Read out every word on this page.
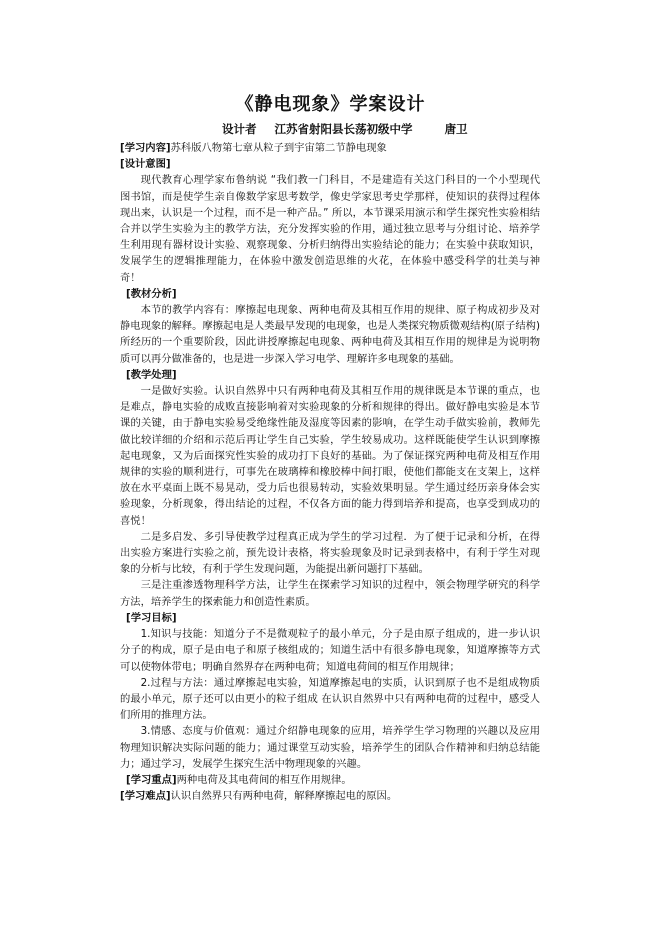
《静电现象》学案设计
设计者 江苏省射阳县长荡初级中学	唐卫

[学习内容]苏科版八物第七章从粒子到宇宙第二节静电现象

[设计意图]

现代教育心理学家布鲁纳说 “我们教一门科目，不是建造有关这门科目的一个小型现代图书馆，而是使学生亲自像数学家思考数学，像史学家思考史学那样，使知识的获得过程体现出来，认识是一个过程，而不是一种产品。” 所以，本节课采用演示和学生探究性实验相结合并以学生实验为主的教学方法，充分发挥实验的作用，通过独立思考与分组讨论、培养学生利用现有器材设计实验、观察现象、分析归纳得出实验结论的能力；在实验中获取知识，发展学生的逻辑推理能力，在体验中激发创造思维的火花，在体验中感受科学的壮美与神奇！

[教材分析]

本节的教学内容有：摩擦起电现象、两种电荷及其相互作用的规律、原子构成初步及对静电现象的解释。摩擦起电是人类最早发现的电现象，也是人类探究物质微观结构(原子结构)所经历的一个重要阶段，因此讲授摩擦起电现象、两种电荷及其相互作用的规律是为说明物质可以再分做准备的，也是进一步深入学习电学、理解许多电现象的基础。

[教学处理]

一是做好实验。认识自然界中只有两种电荷及其相互作用的规律既是本节课的重点，也是难点，静电实验的成败直接影响着对实验现象的分析和规律的得出。做好静电实验是本节课的关键，由于静电实验易受绝缘性能及湿度等因素的影响，在学生动手做实验前，教师先做比较详细的介绍和示范后再让学生自己实验，学生较易成功。这样既能使学生认识到摩擦起电现象，又为后面探究性实验的成功打下良好的基础。为了保证探究两种电荷及相互作用规律的实验的顺利进行，可事先在玻璃棒和橡胶棒中间打眼，使他们都能支在支架上，这样放在水平桌面上既不易晃动，受力后也很易转动，实验效果明显。学生通过经历亲身体会实验现象，分析现象，得出结论的过程，不仅各方面的能力得到培养和提高，也享受到成功的喜悦！

二是多启发、多引导使教学过程真正成为学生的学习过程．为了便于记录和分析，在得出实验方案进行实验之前，预先设计表格，将实验现象及时记录到表格中，有利于学生对现象的分析与比较，有利于学生发现问题，为能提出新问题打下基础。

三是注重渗透物理科学方法，让学生在探索学习知识的过程中，领会物理学研究的科学方法，培养学生的探索能力和创造性素质。

[学习目标]

1.知识与技能：知道分子不是微观粒子的最小单元，分子是由原子组成的，进一步认识分子的构成，原子是由电子和原子核组成的；知道生活中有很多静电现象，知道摩擦等方式可以使物体带电；明确自然界存在两种电荷；知道电荷间的相互作用规律；

2.过程与方法：通过摩擦起电实验，知道摩擦起电的实质，认识到原子也不是组成物质的最小单元，原子还可以由更小的粒子组成 在认识自然界中只有两种电荷的过程中，感受人们所用的推理方法。

3.情感、态度与价值观：通过介绍静电现象的应用，培养学生学习物理的兴趣以及应用物理知识解决实际问题的能力；通过课堂互动实验，培养学生的团队合作精神和归纳总结能力；通过学习，发展学生探究生活中物理现象的兴趣。

[学习重点]两种电荷及其电荷间的相互作用规律。

[学习难点]认识自然界只有两种电荷，解释摩擦起电的原因。
